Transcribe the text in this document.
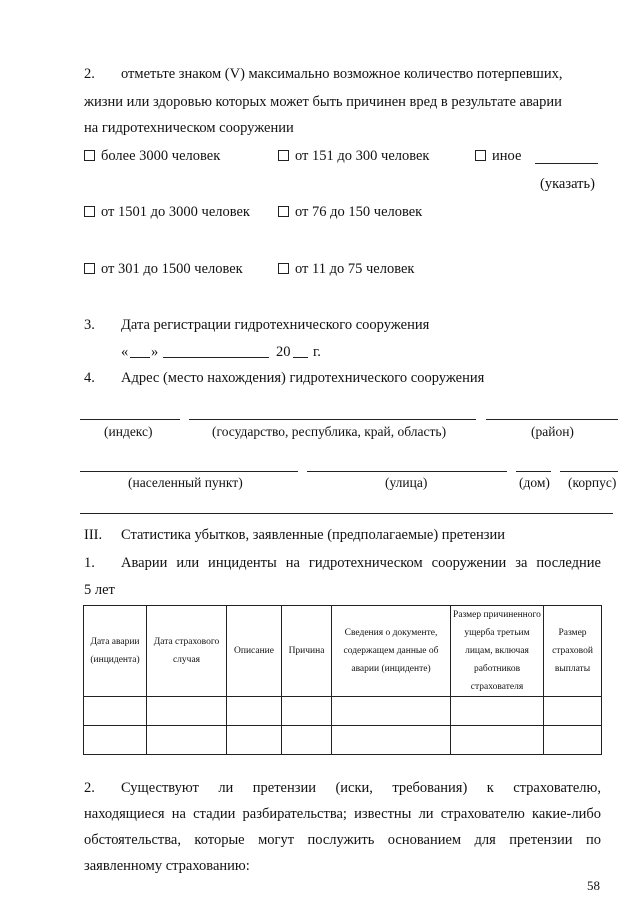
2. отметьте знаком (V) максимально возможное количество потерпевших,
жизни или здоровью которых может быть причинен вред в результате аварии
на гидротехническом сооружении
более 3000 человек	от 151 до 300 человек	иное
(указать)
от 1501 до 3000 человек	от 76 до 150 человек
от 301 до 1500 человек	от 11 до 75 человек
3. Дата регистрации гидротехнического сооружения
« »	20 г.
4. Адрес (место нахождения) гидротехнического сооружения
(индекс)	(государство, республика, край, область)	(район)
(населенный пункт)	(улица)	(дом) (корпус)
III. Статистика убытков, заявленные (предполагаемые) претензии
1. Аварии или инциденты на гидротехническом сооружении за последние
5 лет
Дата аварии (инцидента)	Дата страхового случая	Описание	Причина	Сведения о документе, содержащем данные об аварии (инциденте)	Размер причиненного ущерба третьим лицам, включая работников страхователя	Размер страховой выплаты

2. Существуют ли претензии (иски, требования) к страхователю,
находящиеся на стадии разбирательства; известны ли страхователю какие-либо
обстоятельства, которые могут послужить основанием для претензии по
заявленному страхованию:
58
